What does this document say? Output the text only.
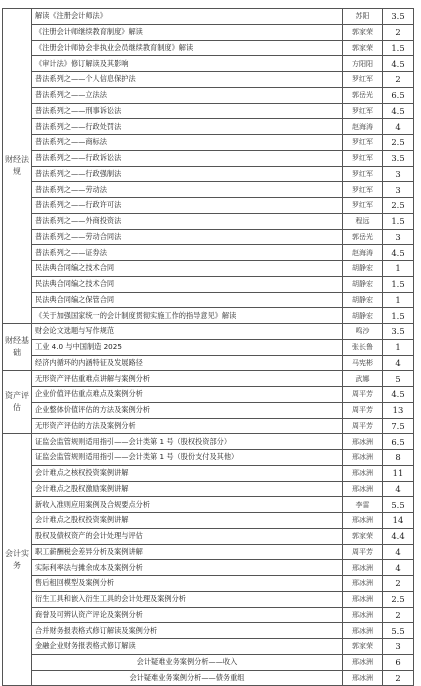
财经法规	解读《注册会计师法》	苏阳	3.5
	《注册会计师继续教育制度》解读	郭家荣	2
	《注册会计师协会非执业会员继续教育制度》解读	郭家荣	1.5
	《审计法》修订解读及其影响	方阳阳	4.5
	普法系列之——个人信息保护法	罗红军	2
	普法系列之——立法法	郭岳光	6.5
	普法系列之——刑事诉讼法	罗红军	4.5
	普法系列之——行政处罚法	赵海涛	4
	普法系列之——商标法	罗红军	2.5
	普法系列之——行政诉讼法	罗红军	3.5
	普法系列之——行政强制法	罗红军	3
	普法系列之——劳动法	罗红军	3
	普法系列之——行政许可法	罗红军	2.5
	普法系列之——外商投资法	程远	1.5
	普法系列之——劳动合同法	郭岳光	3
	普法系列之——证券法	赵海涛	4.5
	民法典合同编之技术合同	胡静宏	1
	民法典合同编之技术合同	胡静宏	1.5
	民法典合同编之保管合同	胡静宏	1
	《关于加强国家统一的会计制度贯彻实施工作的指导意见》解读	胡静宏	1.5
财经基础	财会论文选题与写作规范	鸣沙	3.5
	工业 4.0 与中国制造 2025	张长鲁	1
	经济内循环的内涵特征及发展路径	马宪彬	4
资产评估	无形资产评估重难点讲解与案例分析	武娜	5
	企业价值评估重点难点及案例分析	周平芳	4.5
	企业整体价值评估的方法及案例分析	周平芳	13
	无形资产评估的方法及案例分析	周平芳	7.5
会计实务	证监会监管规则适用指引——会计类第 1 号（股权投资部分）	邢冰洲	6.5
	证监会监管规则适用指引——会计类第 1 号（股份支付及其他）	邢冰洲	8
	会计难点之核权投资案例讲解	邢冰洲	11
	会计难点之股权激励案例讲解	邢冰洲	4
	新收入准则应用案例及合规要点分析	李雷	5.5
	会计难点之股权投资案例讲解	邢冰洲	14
	股权及债权资产的会计处理与评估	郭家荣	4.4
	职工薪酬税会差异分析及案例讲解	周平芳	4
	实际利率法与摊余成本及案例分析	邢冰洲	4
	售后租回模型及案例分析	邢冰洲	2
	衍生工具和嵌入衍生工具的会计处理及案例分析	邢冰洲	2.5
	商誉及可辨认资产评论及案例分析	邢冰洲	2
	合并财务报表格式修订解读及案例分析	邢冰洲	5.5
	金融企业财务报表格式修订解读	郭家荣	3
	会计疑难业务案例分析——收入	邢冰洲	6
	会计疑难业务案例分析——债务重组	邢冰洲	2
